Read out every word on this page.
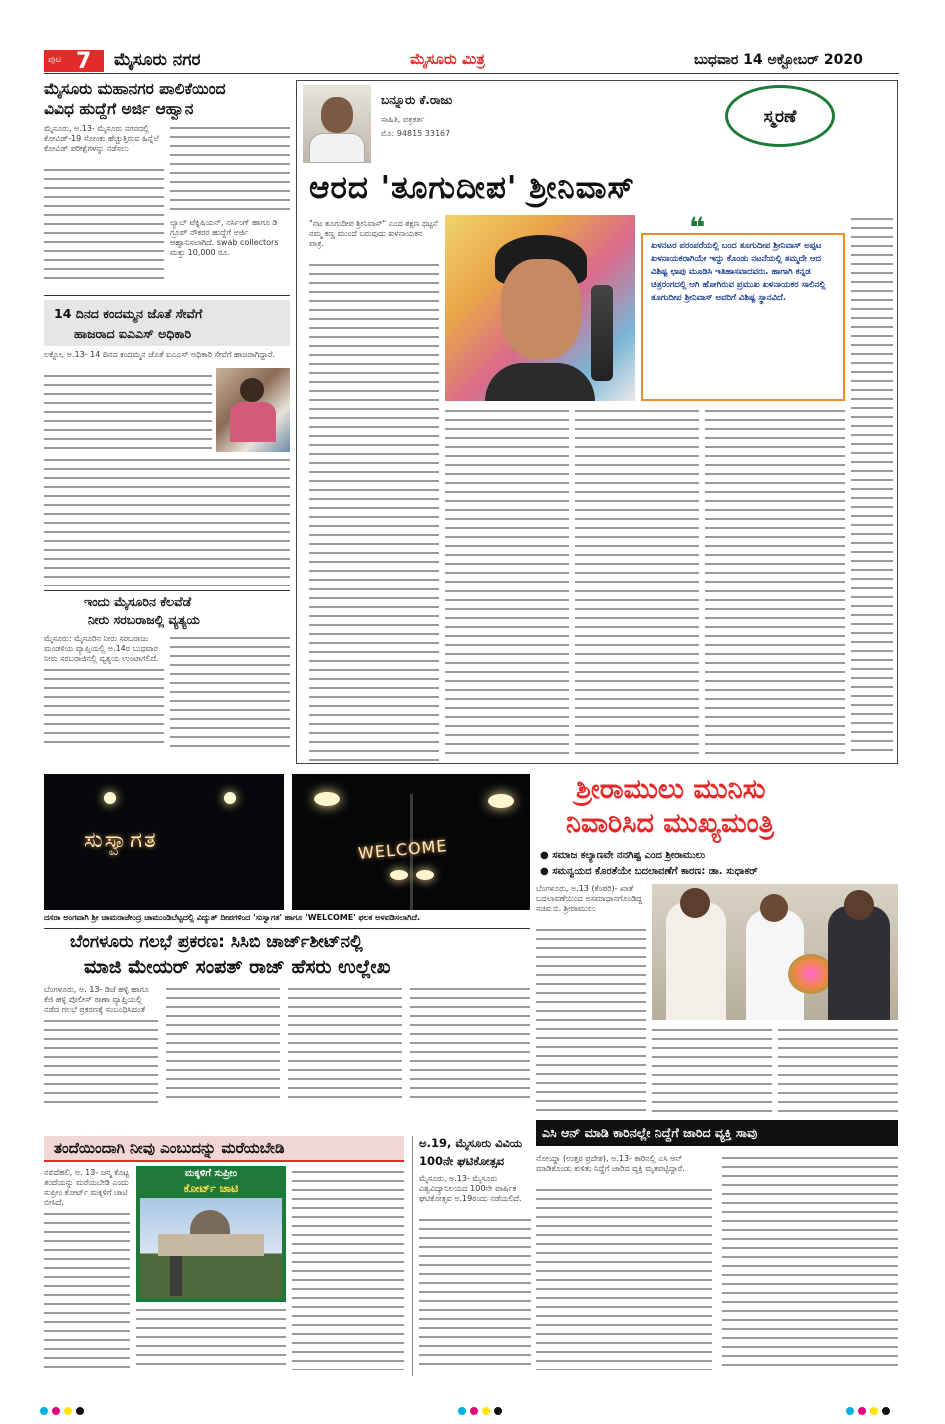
ಪುಟ 7 ಮೈಸೂರು ನಗರ	ಮೈಸೂರು ಮಿತ್ರ	ಬುಧವಾರ 14 ಅಕ್ಟೋಬರ್ 2020
ಮೈಸೂರು ಮಹಾನಗರ ಪಾಲಿಕೆಯಿಂದ
ವಿವಿಧ ಹುದ್ದೆಗೆ ಅರ್ಜಿ ಆಹ್ವಾನ
ಮೈಸೂರು, ಅ.13- ಮೈಸೂರು ನಗರದಲ್ಲಿ ಕೋವಿಡ್-19 ಸೋಂಕು ಹೆಚ್ಚುತ್ತಿರುವ ಹಿನ್ನೆಲೆ ಕೋವಿಡ್ ಪರೀಕ್ಷೆಗಳನ್ನು ನಡೆಸಲು
ಲ್ಯಾಬ್ ಟೆಕ್ನಿಷಿಯನ್, ನರ್ಸಿಂಗ್ ಹಾಗೂ ಡಿ ಗ್ರೂಪ್ ನೌಕರರ ಹುದ್ದೆಗೆ ಅರ್ಜಿ ಆಹ್ವಾನಿಸಲಾಗಿದೆ. swab collectors ಮತ್ತು 10,000 ರೂ.
14 ದಿನದ ಕಂದಮ್ಮನ ಜೊತೆ ಸೇವೆಗೆ
ಹಾಜರಾದ ಐಎಎಸ್ ಅಧಿಕಾರಿ
ಲಕ್ನೋ, ಅ.13- 14 ದಿನದ ಕಂದಮ್ಮನ ಜೊತೆ ಐಎಎಸ್ ಅಧಿಕಾರಿ ಸೇವೆಗೆ ಹಾಜರಾಗಿದ್ದಾರೆ.
ಇಂದು ಮೈಸೂರಿನ ಕೆಲವೆಡೆ
ನೀರು ಸರಬರಾಜಲ್ಲಿ ವ್ಯತ್ಯಯ
ಮೈಸೂರು: ಮೈಸೂರಿನ ನೀರು ಸರಬರಾಜು ಮಂಡಳಿಯ ವ್ಯಾಪ್ತಿಯಲ್ಲಿ ಅ.14ರ ಬುಧವಾರ ನೀರು ಸರಬರಾಜಿನಲ್ಲಿ ವ್ಯತ್ಯಯ ಉಂಟಾಗಲಿದೆ.
ಬನ್ನೂರು ಕೆ.ರಾಜು
ಸಾಹಿತಿ, ಪತ್ರಕರ್ತ
ಮೊ: 94815 33167
ಸ್ಮರಣೆ
ಆರದ 'ತೂಗುದೀಪ' ಶ್ರೀನಿವಾಸ್
"ನಟ ತೂಗುದೀಪ ಶ್ರೀನಿವಾಸ್" ಎಂದ ತಕ್ಷಣ ಥಟ್ಟನೆ ನಮ್ಮ ಕಣ್ಣ ಮುಂದೆ ಬರುವುದು ಖಳನಾಯಕನ ಪಾತ್ರ.	❝
ಖಳನಟರ ಪರಂಪರೆಯಲ್ಲಿ ಬಂದ ತೂಗುದೀಪ ಶ್ರೀನಿವಾಸ್ ಅಪ್ಪಟ ಖಳನಾಯಕರಾಗಿಯೇ ಇದ್ದು ಕೊಂಡು ನಟನೆಯಲ್ಲಿ ತಮ್ಮದೇ ಆದ ವಿಶಿಷ್ಟ ಛಾಪು ಮೂಡಿಸಿ ಇತಿಹಾಸವಾದವರು. ಹಾಗಾಗಿ ಕನ್ನಡ ಚಿತ್ರರಂಗದಲ್ಲಿ ಆಗಿ ಹೋಗಿರುವ ಪ್ರಮುಖ ಖಳನಾಯಕರ ಸಾಲಿನಲ್ಲಿ ತೂಗುದೀಪ ಶ್ರೀನಿವಾಸ್ ಅವರಿಗೆ ವಿಶಿಷ್ಟ ಸ್ಥಾನವಿದೆ.
ಸುಸ್ವಾಗತ	WELCOME
ದಸರಾ ಅಂಗವಾಗಿ ಶ್ರೀ ಚಾಮರಾಜೇಂದ್ರ ಚಾಮುಂಡಿಬೆಟ್ಟದಲ್ಲಿ ವಿದ್ಯುತ್ ದೀಪಗಳಿಂದ 'ಸುಸ್ವಾಗತ' ಹಾಗೂ 'WELCOME' ಫಲಕ ಅಳವಡಿಸಲಾಗಿದೆ.
ಶ್ರೀರಾಮುಲು ಮುನಿಸು
ನಿವಾರಿಸಿದ ಮುಖ್ಯಮಂತ್ರಿ
● ಸಮಾಜ ಕಲ್ಯಾಣವೇ ನನಗಿಷ್ಟ ಎಂದ ಶ್ರೀರಾಮುಲು
● ಸಮನ್ವಯದ ಕೊರತೆಯೇ ಬದಲಾವಣೆಗೆ ಕಾರಣ: ಡಾ. ಸುಧಾಕರ್
ಬೆಂಗಳೂರು, ಅ.13 (ಕೆಂಪರಿ)- ಖಾತೆ ಬದಲಾವಣೆಯಿಂದ ಅಸಮಾಧಾನಗೊಂಡಿದ್ದ ಸಚಿವ ಬಿ. ಶ್ರೀರಾಮುಲು
ಬೆಂಗಳೂರು ಗಲಭೆ ಪ್ರಕರಣ: ಸಿಸಿಬಿ ಚಾರ್ಜ್‌ಶೀಟ್‌ನಲ್ಲಿ
ಮಾಜಿ ಮೇಯರ್ ಸಂಪತ್ ರಾಜ್ ಹೆಸರು ಉಲ್ಲೇಖ
ಬೆಂಗಳೂರು, ಅ. 13- ಡಿಜೆ ಹಳ್ಳಿ ಹಾಗೂ ಕೆಜಿ ಹಳ್ಳಿ ಪೊಲೀಸ್ ಠಾಣಾ ವ್ಯಾಪ್ತಿಯಲ್ಲಿ ನಡೆದ ಗಲಭೆ ಪ್ರಕರಣಕ್ಕೆ ಸಂಬಂಧಿಸಿದಂತೆ
ತಂದೆಯಿಂದಾಗಿ ನೀವು ಎಂಬುದನ್ನು ಮರೆಯಬೇಡಿ
ನವದೆಹಲಿ, ಅ. 13- ಜನ್ಮ ಕೊಟ್ಟ ತಂದೆಯನ್ನು ಮರೆಯಬೇಡಿ ಎಂದು ಸುಪ್ರೀಂ ಕೋರ್ಟ್ ಮಕ್ಕಳಿಗೆ ಚಾಟಿ ಬೀಸಿದೆ.
ಮಕ್ಕಳಿಗೆ ಸುಪ್ರೀಂ
ಕೋರ್ಟ್ ಚಾಟಿ
ಅ.19, ಮೈಸೂರು ವಿವಿಯ
100ನೇ ಘಟಿಕೋತ್ಸವ
ಮೈಸೂರು, ಅ.13- ಮೈಸೂರು ವಿಶ್ವವಿದ್ಯಾನಿಲಯದ 100ನೇ ವಾರ್ಷಿಕ ಘಟಿಕೋತ್ಸವ ಅ.19ರಂದು ನಡೆಯಲಿದೆ.
ಎಸಿ ಆನ್ ಮಾಡಿ ಕಾರಿನಲ್ಲೇ ನಿದ್ದೆಗೆ ಜಾರಿದ ವ್ಯಕ್ತಿ ಸಾವು
ನೋಯ್ಡಾ (ಉತ್ತರ ಪ್ರದೇಶ), ಅ.13- ಕಾರಿನಲ್ಲಿ ಎಸಿ ಆನ್ ಮಾಡಿಕೊಂಡು ಕುಳಿತು ನಿದ್ದೆಗೆ ಜಾರಿದ ವ್ಯಕ್ತಿ ಮೃತಪಟ್ಟಿದ್ದಾರೆ.
